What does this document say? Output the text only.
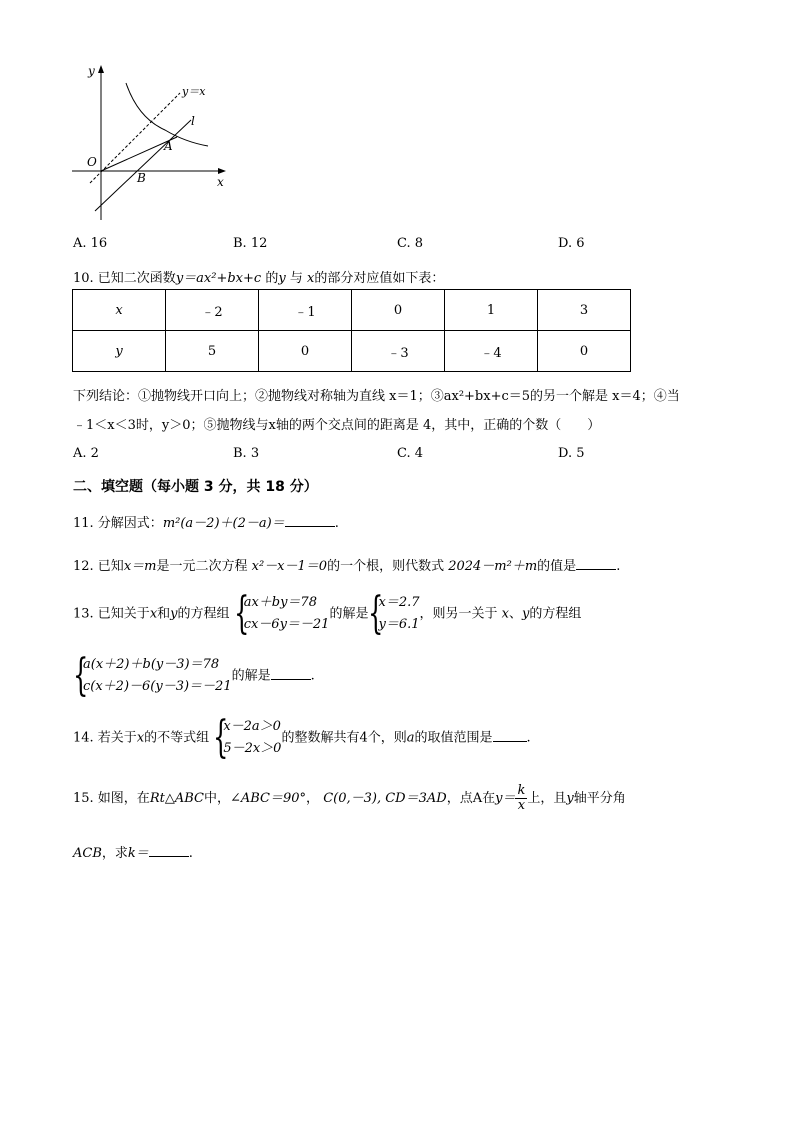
y
x
O
y＝x
l
A
B
A. 16	B. 12	C. 8	D. 6
10. 已知二次函数y＝ax²+bx+c 的y 与 x的部分对应值如下表：
x	﹣2	﹣1	0	1	3
y	5	0	﹣3	﹣4	0
下列结论：①抛物线开口向上；②抛物线对称轴为直线 x＝1；③ax²+bx+c＝5的另一个解是 x＝4；④当
﹣1＜x＜3时，y＞0；⑤抛物线与x轴的两个交点间的距离是 4，其中，正确的个数（　　）
A. 2	B. 3	C. 4	D. 5
二、填空题（每小题 3 分，共 18 分）
11. 分解因式：m²(a－2)＋(2－a)＝	.
12. 已知x＝m是一元二次方程 x²－x－1＝0的一个根，则代数式 2024－m²＋m的值是	.
13. 已知关于x和y的方程组 {
ax＋by＝78
cx－6y＝－21
的解是 {
x＝2.7
y＝6.1
，则另一关于 x、y的方程组
{
a(x＋2)＋b(y－3)＝78
c(x＋2)－6(y－3)＝－21
的解是	.
14. 若关于x的不等式组 {
x－2a＞0
5－2x＞0
的整数解共有4个，则a的取值范围是	.
15. 如图，在Rt△ABC中，∠ABC＝90°， C(0,－3), CD＝3AD，点A在$y= \frac{k}{x}$ 上，且y轴平分角
ACB，求k＝	.
